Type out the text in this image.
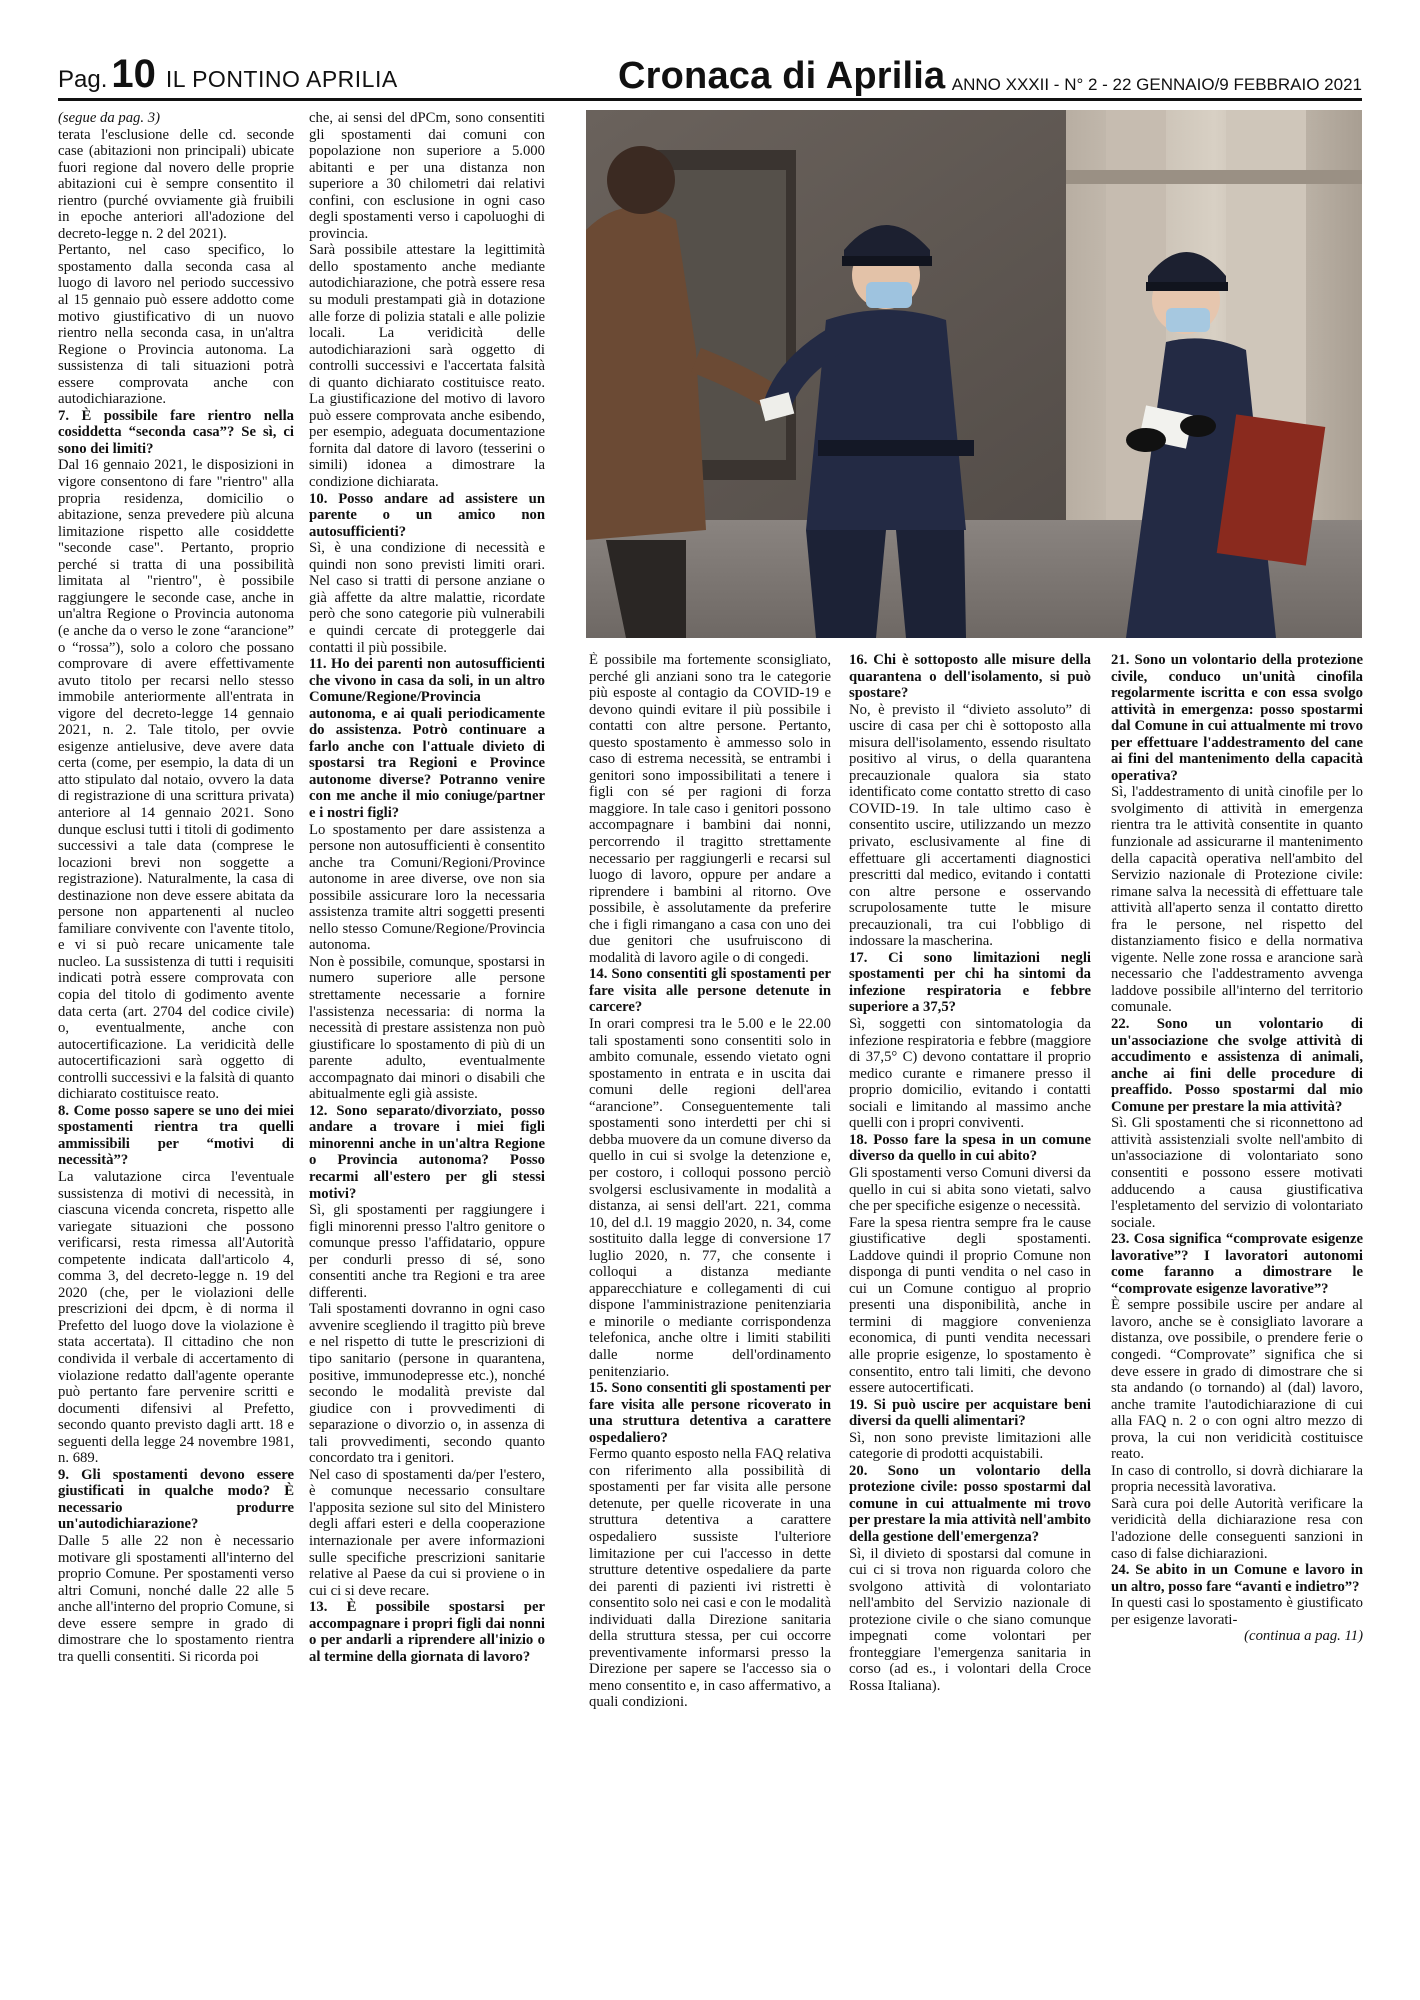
Pag. 10 IL PONTINO APRILIA	Cronaca di Aprilia ANNO XXXII - N° 2 - 22 GENNAIO/9 FEBBRAIO 2021

(segue da pag. 3)

terata l'esclusione delle cd. seconde case (abitazioni non principali) ubicate fuori regione dal novero delle proprie abitazioni cui è sempre consentito il rientro (purché ovviamente già fruibili in epoche anteriori all'adozione del decreto-legge n. 2 del 2021).

Pertanto, nel caso specifico, lo spostamento dalla seconda casa al luogo di lavoro nel periodo successivo al 15 gennaio può essere addotto come motivo giustificativo di un nuovo rientro nella seconda casa, in un'altra Regione o Provincia autonoma. La sussistenza di tali situazioni potrà essere comprovata anche con autodichiarazione.

7. È possibile fare rientro nella cosiddetta “seconda casa”? Se sì, ci sono dei limiti?

Dal 16 gennaio 2021, le disposizioni in vigore consentono di fare "rientro" alla propria residenza, domicilio o abitazione, senza prevedere più alcuna limitazione rispetto alle cosiddette "seconde case". Pertanto, proprio perché si tratta di una possibilità limitata al "rientro", è possibile raggiungere le seconde case, anche in un'altra Regione o Provincia autonoma (e anche da o verso le zone “arancione” o “rossa”), solo a coloro che possano comprovare di avere effettivamente avuto titolo per recarsi nello stesso immobile anteriormente all'entrata in vigore del decreto-legge 14 gennaio 2021, n. 2. Tale titolo, per ovvie esigenze antielusive, deve avere data certa (come, per esempio, la data di un atto stipulato dal notaio, ovvero la data di registrazione di una scrittura privata) anteriore al 14 gennaio 2021. Sono dunque esclusi tutti i titoli di godimento successivi a tale data (comprese le locazioni brevi non soggette a registrazione). Naturalmente, la casa di destinazione non deve essere abitata da persone non appartenenti al nucleo familiare convivente con l'avente titolo, e vi si può recare unicamente tale nucleo. La sussistenza di tutti i requisiti indicati potrà essere comprovata con copia del titolo di godimento avente data certa (art. 2704 del codice civile) o, eventualmente, anche con autocertificazione. La veridicità delle autocertificazioni sarà oggetto di controlli successivi e la falsità di quanto dichiarato costituisce reato.

8. Come posso sapere se uno dei miei spostamenti rientra tra quelli ammissibili per “motivi di necessità”?

La valutazione circa l'eventuale sussistenza di motivi di necessità, in ciascuna vicenda concreta, rispetto alle variegate situazioni che possono verificarsi, resta rimessa all'Autorità competente indicata dall'articolo 4, comma 3, del decreto-legge n. 19 del 2020 (che, per le violazioni delle prescrizioni dei dpcm, è di norma il Prefetto del luogo dove la violazione è stata accertata). Il cittadino che non condivida il verbale di accertamento di violazione redatto dall'agente operante può pertanto fare pervenire scritti e documenti difensivi al Prefetto, secondo quanto previsto dagli artt. 18 e seguenti della legge 24 novembre 1981, n. 689.

9. Gli spostamenti devono essere giustificati in qualche modo? È necessario produrre un'autodichiarazione?

Dalle 5 alle 22 non è necessario motivare gli spostamenti all'interno del proprio Comune. Per spostamenti verso altri Comuni, nonché dalle 22 alle 5 anche all'interno del proprio Comune, si deve essere sempre in grado di dimostrare che lo spostamento rientra tra quelli consentiti. Si ricorda poi

che, ai sensi del dPCm, sono consentiti gli spostamenti dai comuni con popolazione non superiore a 5.000 abitanti e per una distanza non superiore a 30 chilometri dai relativi confini, con esclusione in ogni caso degli spostamenti verso i capoluoghi di provincia.

Sarà possibile attestare la legittimità dello spostamento anche mediante autodichiarazione, che potrà essere resa su moduli prestampati già in dotazione alle forze di polizia statali e alle polizie locali. La veridicità delle autodichiarazioni sarà oggetto di controlli successivi e l'accertata falsità di quanto dichiarato costituisce reato. La giustificazione del motivo di lavoro può essere comprovata anche esibendo, per esempio, adeguata documentazione fornita dal datore di lavoro (tesserini o simili) idonea a dimostrare la condizione dichiarata.

10. Posso andare ad assistere un parente o un amico non autosufficienti?

Sì, è una condizione di necessità e quindi non sono previsti limiti orari. Nel caso si tratti di persone anziane o già affette da altre malattie, ricordate però che sono categorie più vulnerabili e quindi cercate di proteggerle dai contatti il più possibile.

11. Ho dei parenti non autosufficienti che vivono in casa da soli, in un altro Comune/Regione/Provincia autonoma, e ai quali periodicamente do assistenza. Potrò continuare a farlo anche con l'attuale divieto di spostarsi tra Regioni e Province autonome diverse? Potranno venire con me anche il mio coniuge/partner e i nostri figli?

Lo spostamento per dare assistenza a persone non autosufficienti è consentito anche tra Comuni/Regioni/Province autonome in aree diverse, ove non sia possibile assicurare loro la necessaria assistenza tramite altri soggetti presenti nello stesso Comune/Regione/Provincia autonoma.

Non è possibile, comunque, spostarsi in numero superiore alle persone strettamente necessarie a fornire l'assistenza necessaria: di norma la necessità di prestare assistenza non può giustificare lo spostamento di più di un parente adulto, eventualmente accompagnato dai minori o disabili che abitualmente egli già assiste.

12. Sono separato/divorziato, posso andare a trovare i miei figli minorenni anche in un'altra Regione o Provincia autonoma? Posso recarmi all'estero per gli stessi motivi?

Sì, gli spostamenti per raggiungere i figli minorenni presso l'altro genitore o comunque presso l'affidatario, oppure per condurli presso di sé, sono consentiti anche tra Regioni e tra aree differenti.

Tali spostamenti dovranno in ogni caso avvenire scegliendo il tragitto più breve e nel rispetto di tutte le prescrizioni di tipo sanitario (persone in quarantena, positive, immunodepresse etc.), nonché secondo le modalità previste dal giudice con i provvedimenti di separazione o divorzio o, in assenza di tali provvedimenti, secondo quanto concordato tra i genitori.

Nel caso di spostamenti da/per l'estero, è comunque necessario consultare l'apposita sezione sul sito del Ministero degli affari esteri e della cooperazione internazionale per avere informazioni sulle specifiche prescrizioni sanitarie relative al Paese da cui si proviene o in cui ci si deve recare.

13. È possibile spostarsi per accompagnare i propri figli dai nonni o per andarli a riprendere all'inizio o al termine della giornata di lavoro?

È possibile ma fortemente sconsigliato, perché gli anziani sono tra le categorie più esposte al contagio da COVID-19 e devono quindi evitare il più possibile i contatti con altre persone. Pertanto, questo spostamento è ammesso solo in caso di estrema necessità, se entrambi i genitori sono impossibilitati a tenere i figli con sé per ragioni di forza maggiore. In tale caso i genitori possono accompagnare i bambini dai nonni, percorrendo il tragitto strettamente necessario per raggiungerli e recarsi sul luogo di lavoro, oppure per andare a riprendere i bambini al ritorno. Ove possibile, è assolutamente da preferire che i figli rimangano a casa con uno dei due genitori che usufruiscono di modalità di lavoro agile o di congedi.

14. Sono consentiti gli spostamenti per fare visita alle persone detenute in carcere?

In orari compresi tra le 5.00 e le 22.00 tali spostamenti sono consentiti solo in ambito comunale, essendo vietato ogni spostamento in entrata e in uscita dai comuni delle regioni dell'area “arancione”. Conseguentemente tali spostamenti sono interdetti per chi si debba muovere da un comune diverso da quello in cui si svolge la detenzione e, per costoro, i colloqui possono perciò svolgersi esclusivamente in modalità a distanza, ai sensi dell'art. 221, comma 10, del d.l. 19 maggio 2020, n. 34, come sostituito dalla legge di conversione 17 luglio 2020, n. 77, che consente i colloqui a distanza mediante apparecchiature e collegamenti di cui dispone l'amministrazione penitenziaria e minorile o mediante corrispondenza telefonica, anche oltre i limiti stabiliti dalle norme dell'ordinamento penitenziario.

15. Sono consentiti gli spostamenti per fare visita alle persone ricoverato in una struttura detentiva a carattere ospedaliero?

Fermo quanto esposto nella FAQ relativa con riferimento alla possibilità di spostamenti per far visita alle persone detenute, per quelle ricoverate in una struttura detentiva a carattere ospedaliero sussiste l'ulteriore limitazione per cui l'accesso in dette strutture detentive ospedaliere da parte dei parenti di pazienti ivi ristretti è consentito solo nei casi e con le modalità individuati dalla Direzione sanitaria della struttura stessa, per cui occorre preventivamente informarsi presso la Direzione per sapere se l'accesso sia o meno consentito e, in caso affermativo, a quali condizioni.

16. Chi è sottoposto alle misure della quarantena o dell'isolamento, si può spostare?

No, è previsto il “divieto assoluto” di uscire di casa per chi è sottoposto alla misura dell'isolamento, essendo risultato positivo al virus, o della quarantena precauzionale qualora sia stato identificato come contatto stretto di caso COVID-19. In tale ultimo caso è consentito uscire, utilizzando un mezzo privato, esclusivamente al fine di effettuare gli accertamenti diagnostici prescritti dal medico, evitando i contatti con altre persone e osservando scrupolosamente tutte le misure precauzionali, tra cui l'obbligo di indossare la mascherina.

17. Ci sono limitazioni negli spostamenti per chi ha sintomi da infezione respiratoria e febbre superiore a 37,5?

Sì, soggetti con sintomatologia da infezione respiratoria e febbre (maggiore di 37,5° C) devono contattare il proprio medico curante e rimanere presso il proprio domicilio, evitando i contatti sociali e limitando al massimo anche quelli con i propri conviventi.

18. Posso fare la spesa in un comune diverso da quello in cui abito?

Gli spostamenti verso Comuni diversi da quello in cui si abita sono vietati, salvo che per specifiche esigenze o necessità.

Fare la spesa rientra sempre fra le cause giustificative degli spostamenti. Laddove quindi il proprio Comune non disponga di punti vendita o nel caso in cui un Comune contiguo al proprio presenti una disponibilità, anche in termini di maggiore convenienza economica, di punti vendita necessari alle proprie esigenze, lo spostamento è consentito, entro tali limiti, che devono essere autocertificati.

19. Si può uscire per acquistare beni diversi da quelli alimentari?

Sì, non sono previste limitazioni alle categorie di prodotti acquistabili.

20. Sono un volontario della protezione civile: posso spostarmi dal comune in cui attualmente mi trovo per prestare la mia attività nell'ambito della gestione dell'emergenza?

Sì, il divieto di spostarsi dal comune in cui ci si trova non riguarda coloro che svolgono attività di volontariato nell'ambito del Servizio nazionale di protezione civile o che siano comunque impegnati come volontari per fronteggiare l'emergenza sanitaria in corso (ad es., i volontari della Croce Rossa Italiana).

21. Sono un volontario della protezione civile, conduco un'unità cinofila regolarmente iscritta e con essa svolgo attività in emergenza: posso spostarmi dal Comune in cui attualmente mi trovo per effettuare l'addestramento del cane ai fini del mantenimento della capacità operativa?

Sì, l'addestramento di unità cinofile per lo svolgimento di attività in emergenza rientra tra le attività consentite in quanto funzionale ad assicurarne il mantenimento della capacità operativa nell'ambito del Servizio nazionale di Protezione civile: rimane salva la necessità di effettuare tale attività all'aperto senza il contatto diretto fra le persone, nel rispetto del distanziamento fisico e della normativa vigente. Nelle zone rossa e arancione sarà necessario che l'addestramento avvenga laddove possibile all'interno del territorio comunale.

22. Sono un volontario di un'associazione che svolge attività di accudimento e assistenza di animali, anche ai fini delle procedure di preaffido. Posso spostarmi dal mio Comune per prestare la mia attività?

Sì. Gli spostamenti che si riconnettono ad attività assistenziali svolte nell'ambito di un'associazione di volontariato sono consentiti e possono essere motivati adducendo a causa giustificativa l'espletamento del servizio di volontariato sociale.

23. Cosa significa “comprovate esigenze lavorative”? I lavoratori autonomi come faranno a dimostrare le “comprovate esigenze lavorative”?

È sempre possibile uscire per andare al lavoro, anche se è consigliato lavorare a distanza, ove possibile, o prendere ferie o congedi. “Comprovate” significa che si deve essere in grado di dimostrare che si sta andando (o tornando) al (dal) lavoro, anche tramite l'autodichiarazione di cui alla FAQ n. 2 o con ogni altro mezzo di prova, la cui non veridicità costituisce reato.

In caso di controllo, si dovrà dichiarare la propria necessità lavorativa.

Sarà cura poi delle Autorità verificare la veridicità della dichiarazione resa con l'adozione delle conseguenti sanzioni in caso di false dichiarazioni.

24. Se abito in un Comune e lavoro in un altro, posso fare “avanti e indietro”?

In questi casi lo spostamento è giustificato per esigenze lavorati-

(continua a pag. 11)
